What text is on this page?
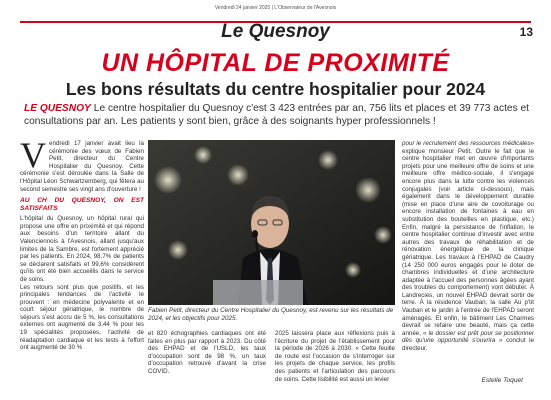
Vendredi 24 janvier 2025 | L'Observateur de l'Avesnois
Le Quesnoy	13
UN HÔPITAL DE PROXIMITÉ
Les bons résultats du centre hospitalier pour 2024
LE QUESNOY Le centre hospitalier du Quesnoy c'est 3 423 entrées par an, 756 lits et places et 39 773 actes et consultations par an. Les patients y sont bien, grâce à des soignants hyper professionnels !
Vendredi 17 janvier avait lieu la cérémonie des vœux de Fabien Petit, directeur du Centre Hospitalier du Quesnoy. Cette cérémonie s'est déroulée dans la Salle de l'Hôpital Léon Schwartzemberg, qui fêtera au second semestre ses vingt ans d'ouverture !
AU CH DU QUESNOY, ON EST SATISFAITS
L'hôpital du Quesnoy, un hôpital rural qui propose une offre en proximité et qui répond aux besoins d'un territoire allant du Valenciennois à l'Avesnois, allant jusqu'aux limites de la Sambre, est fortement apprécié par les patients. En 2024, 98,7% de patients se déclarent satisfaits et 99,6% considèrent qu'ils ont été bien accueillis dans le service de soins.
Les retours sont plus que positifs, et les principales tendances de l'activité le prouvent : en médecine polyvalente et en court séjour gériatrique, le nombre de séjours s'est accru de 5 %, les consultations externes ont augmenté de 3,44 % pour les 19 spécialités proposées, l'activité de réadaptation cardiaque et les tests à l'effort ont augmenté de 30 %
Fabien Petit, directeur du Centre Hospitalier du Quesnoy, est revenu sur les résultats de 2024, et les objectifs pour 2025.
et 820 échographies cardiaques ont été faites en plus par rapport à 2023. Du côté des EHPAD et de l'USLD, les taux d'occupation sont de 98 %, un taux d'occupation retrouvé d'avant la crise COVID.
2025 laissera place aux réflexions puis à l'écriture du projet de l'établissement pour la période de 2026 à 2030. « Cette feuille de route est l'occasion de s'interroger sur les projets de chaque service, les profils des patients et l'articulation des parcours de soins. Cette lisibilité est aussi un levier
pour le recrutement des ressources médicales» explique monsieur Petit. Outre le fait que le centre hospitalier met en œuvre d'importants projets pour une meilleure offre de soins et une meilleure offre médico-sociale, il s'engage encore plus dans la lutte contre les violences conjugales (voir article ci-dessous), mais également dans le développement durable (mise en place d'une aire de covoiturage ou encore installation de fontaines à eau en substitution des bouteilles en plastique, etc.) Enfin, malgré la persistance de l'inflation, le centre hospitalier continue d'investir avec entre autres des travaux de réhabilitation et de rénovation énergétique de la clinique gériatrique. Les travaux à l'EHPAD de Caudry (14 250 000 euros engagés pour le doter de chambres individuelles et d'une architecture adaptée à l'accueil des personnes âgées ayant des troubles du comportement) vont débuter. À Landrecies, un nouvel EHPAD devrait sortir de terre. À la résidence Vauban, la salle Au p'tit Vauban et le jardin à l'entrée de l'EHPAD seront aménagés. Et enfin, le bâtiment Les Charmes devrait se refaire une beauté, mais ça cette année, « le dossier est prêt pour se positionner dès qu'une opportunité s'ouvrira » conclut le directeur.
Estelle Toquet
